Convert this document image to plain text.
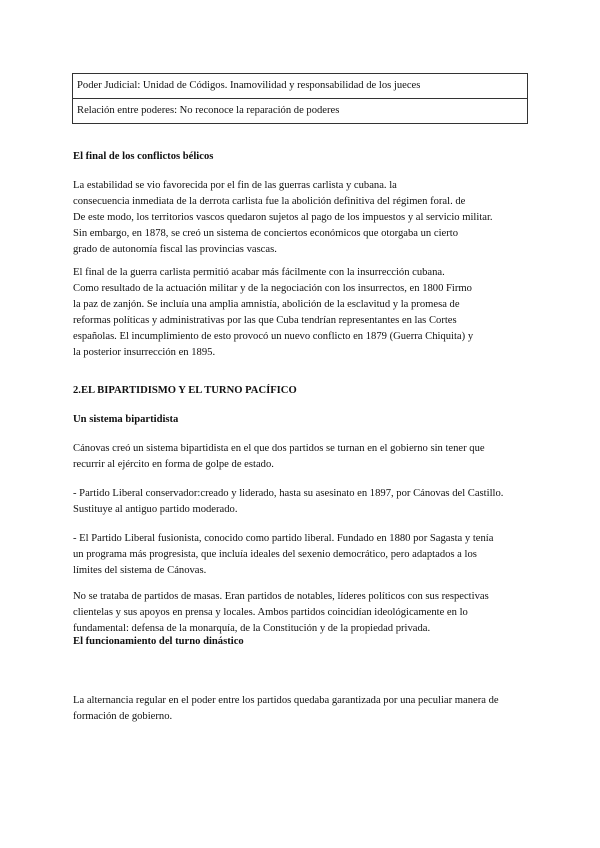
Poder Judicial: Unidad de Códigos. Inamovilidad y responsabilidad de los jueces
Relación entre poderes: No reconoce la reparación de poderes
El final de los conflictos bélicos
La estabilidad se vio favorecida por el fin de las guerras carlista y cubana. la
consecuencia inmediata de la derrota carlista fue la abolición definitiva del régimen foral. de
De este modo, los territorios vascos quedaron sujetos al pago de los impuestos y al servicio militar.
Sin embargo, en 1878, se creó un sistema de conciertos económicos que otorgaba un cierto
grado de autonomía fiscal las provincias vascas.
El final de la guerra carlista permitió acabar más fácilmente con la insurrección cubana.
Como resultado de la actuación militar y de la negociación con los insurrectos, en 1800 Firmo
la paz de zanjón. Se incluía una amplia amnistía, abolición de la esclavitud y la promesa de
reformas políticas y administrativas por las que Cuba tendrían representantes en las Cortes
españolas. El incumplimiento de esto provocó un nuevo conflicto en 1879 (Guerra Chiquita) y
la posterior insurrección en 1895.
2.EL BIPARTIDISMO Y EL TURNO PACÍFICO
Un sistema bipartidista
Cánovas creó un sistema bipartidista en el que dos partidos se turnan en el gobierno sin tener que
recurrir al ejército en forma de golpe de estado.
- Partido Liberal conservador:creado y liderado, hasta su asesinato en 1897, por Cánovas del Castillo.
Sustituye al antiguo partido moderado.
- El Partido Liberal fusionista, conocido como partido liberal. Fundado en 1880 por Sagasta y tenía
un programa más progresista, que incluía ideales del sexenio democrático, pero adaptados a los
límites del sistema de Cánovas.
No se trataba de partidos de masas. Eran partidos de notables, líderes políticos con sus respectivas
clientelas y sus apoyos en prensa y locales. Ambos partidos coincidían ideológicamente en lo
fundamental: defensa de la monarquía, de la Constitución y de la propiedad privada.
El funcionamiento del turno dinástico
La alternancia regular en el poder entre los partidos quedaba garantizada por una peculiar manera de
formación de gobierno.
